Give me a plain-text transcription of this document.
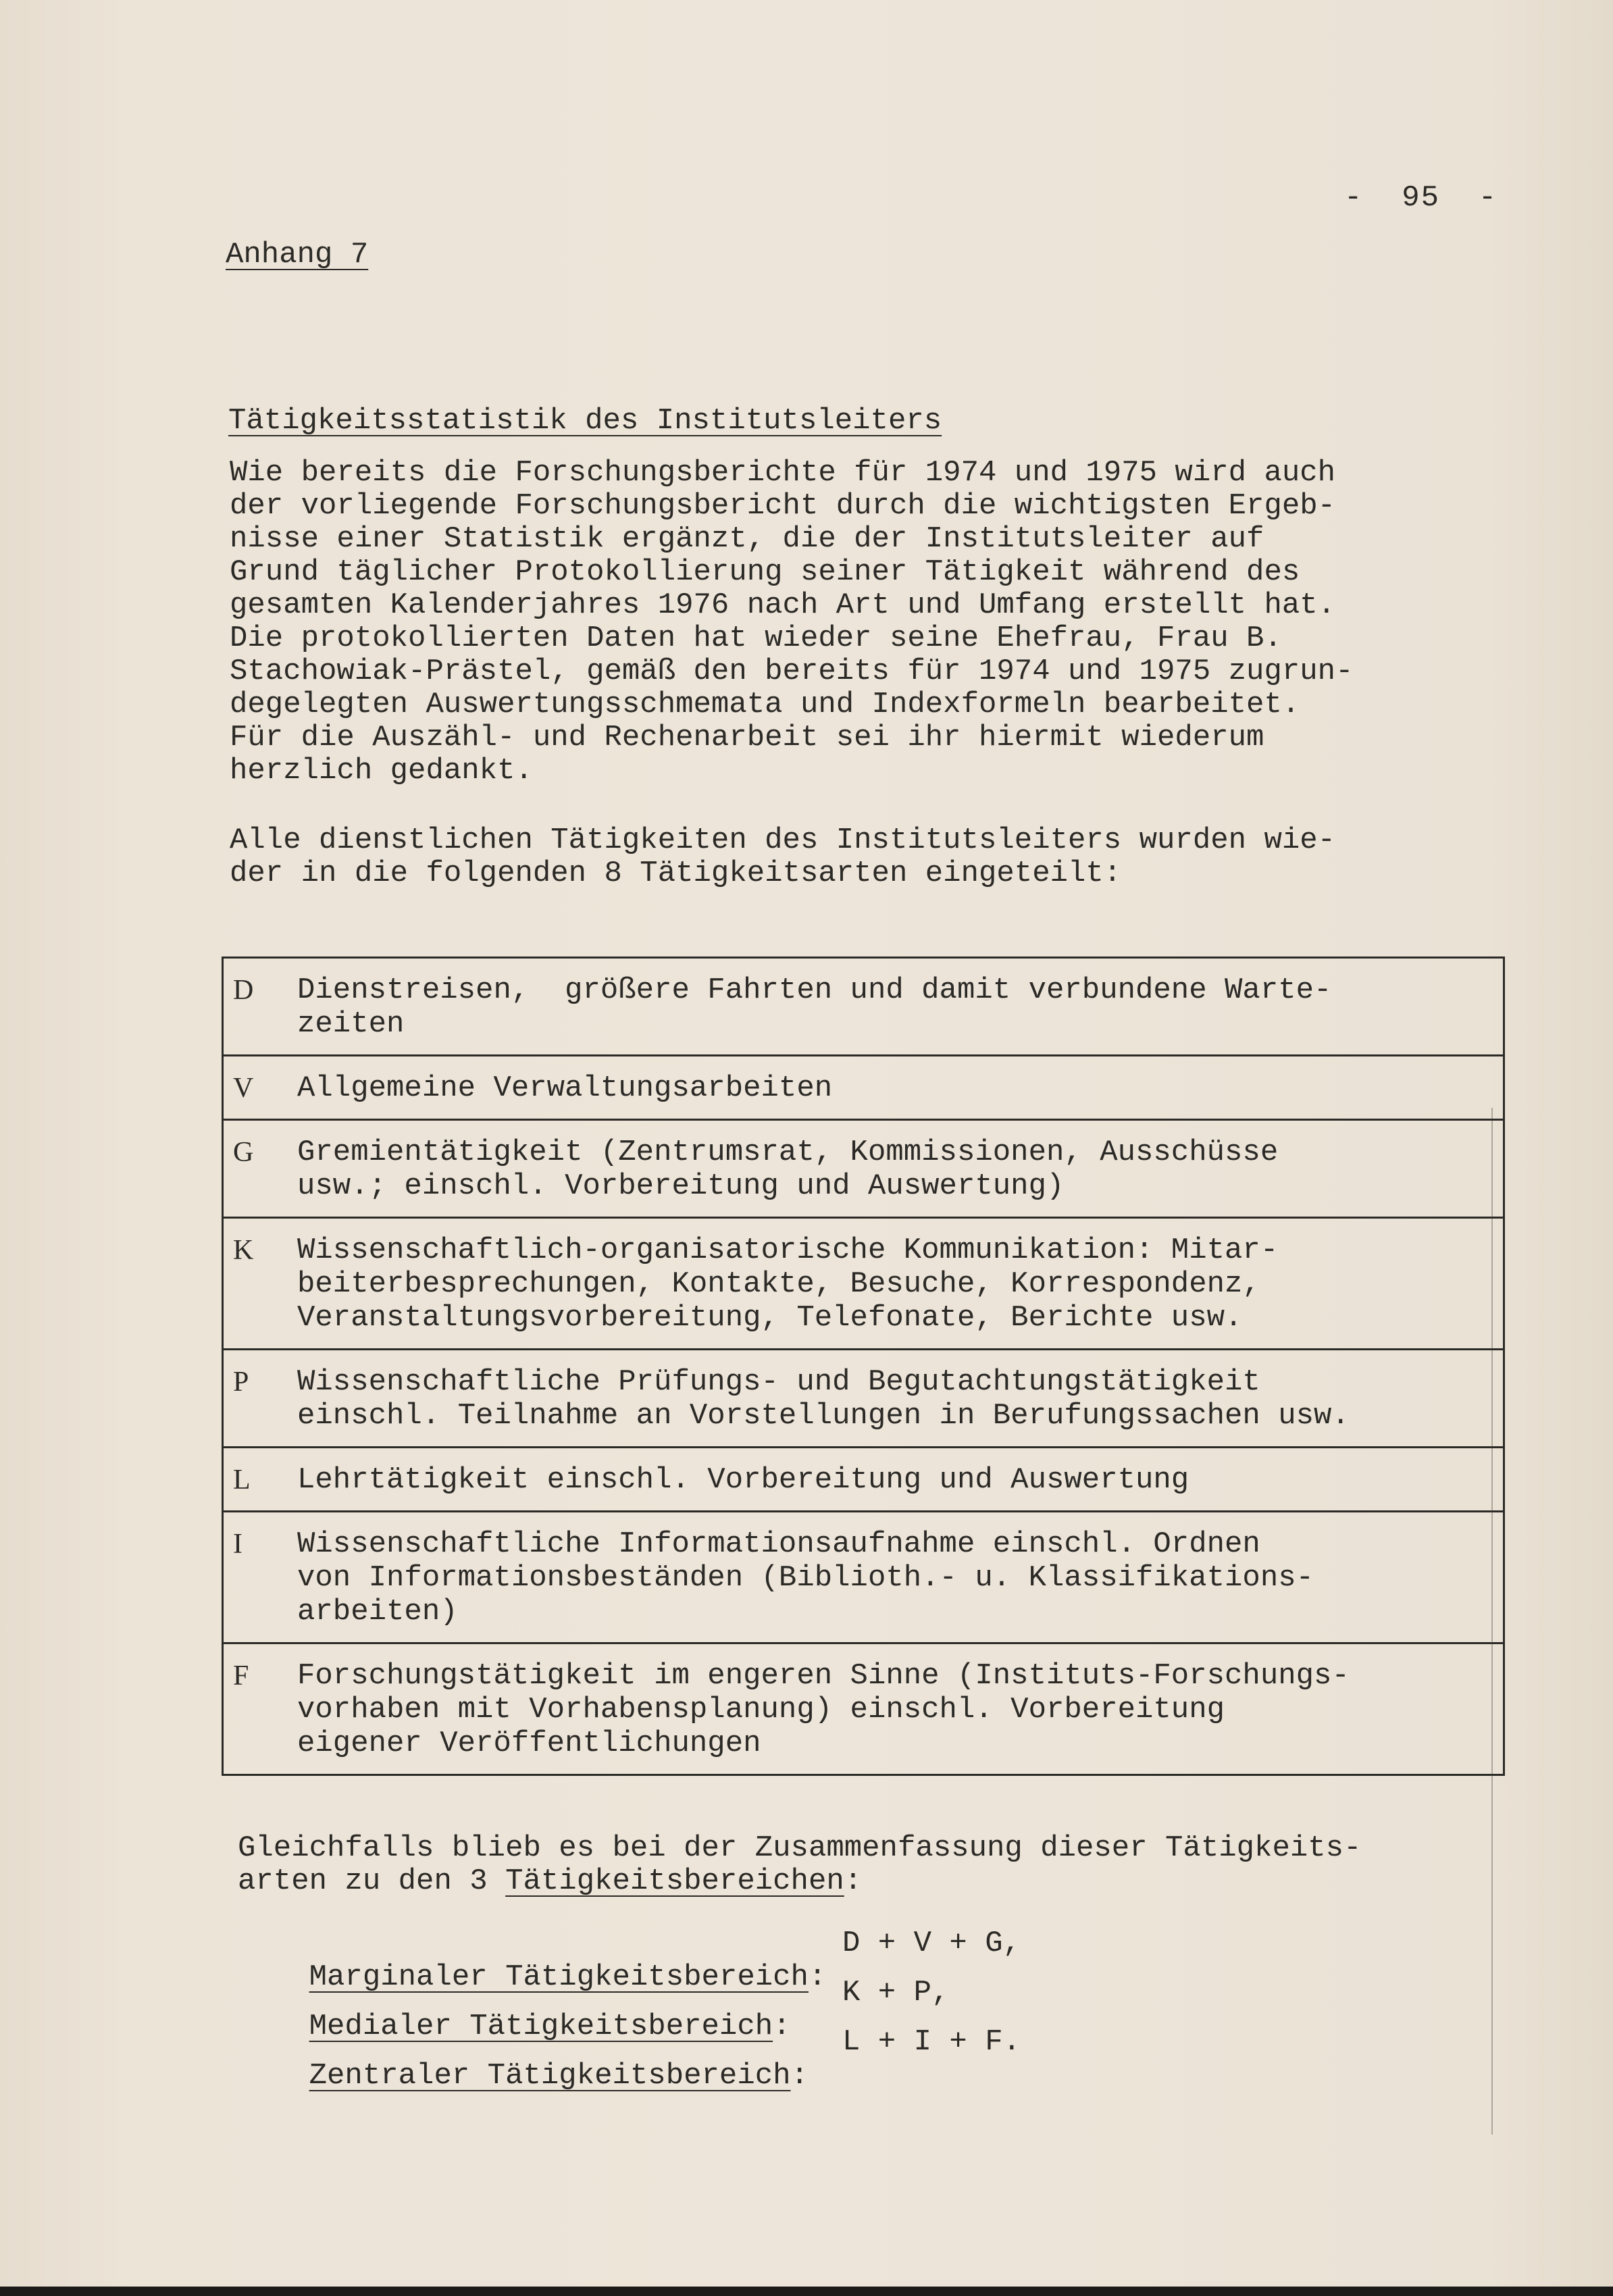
-  95  -
Anhang 7
Tätigkeitsstatistik des Institutsleiters
Wie bereits die Forschungsberichte für 1974 und 1975 wird auch
der vorliegende Forschungsbericht durch die wichtigsten Ergeb-
nisse einer Statistik ergänzt, die der Institutsleiter auf
Grund täglicher Protokollierung seiner Tätigkeit während des
gesamten Kalenderjahres 1976 nach Art und Umfang erstellt hat.
Die protokollierten Daten hat wieder seine Ehefrau, Frau B.
Stachowiak-Prästel, gemäß den bereits für 1974 und 1975 zugrun-
degelegten Auswertungsschmemata und Indexformeln bearbeitet.
Für die Auszähl- und Rechenarbeit sei ihr hiermit wiederum
herzlich gedankt.
Alle dienstlichen Tätigkeiten des Institutsleiters wurden wie-
der in die folgenden 8 Tätigkeitsarten eingeteilt:
D	Dienstreisen,  größere Fahrten und damit verbundene Warte-
zeiten
V	Allgemeine Verwaltungsarbeiten
G	Gremientätigkeit (Zentrumsrat, Kommissionen, Ausschüsse
usw.; einschl. Vorbereitung und Auswertung)
K	Wissenschaftlich-organisatorische Kommunikation: Mitar-
beiterbesprechungen, Kontakte, Besuche, Korrespondenz,
Veranstaltungsvorbereitung, Telefonate, Berichte usw.
P	Wissenschaftliche Prüfungs- und Begutachtungstätigkeit
einschl. Teilnahme an Vorstellungen in Berufungssachen usw.
L	Lehrtätigkeit einschl. Vorbereitung und Auswertung
I	Wissenschaftliche Informationsaufnahme einschl. Ordnen
von Informationsbeständen (Biblioth.- u. Klassifikations-
arbeiten)
F	Forschungstätigkeit im engeren Sinne (Instituts-Forschungs-
vorhaben mit Vorhabensplanung) einschl. Vorbereitung
eigener Veröffentlichungen
Gleichfalls blieb es bei der Zusammenfassung dieser Tätigkeits-
arten zu den 3 Tätigkeitsbereichen:

Marginaler Tätigkeitsbereich:

D + V + G,

Medialer Tätigkeitsbereich:

K + P,

Zentraler Tätigkeitsbereich:

L + I + F.
